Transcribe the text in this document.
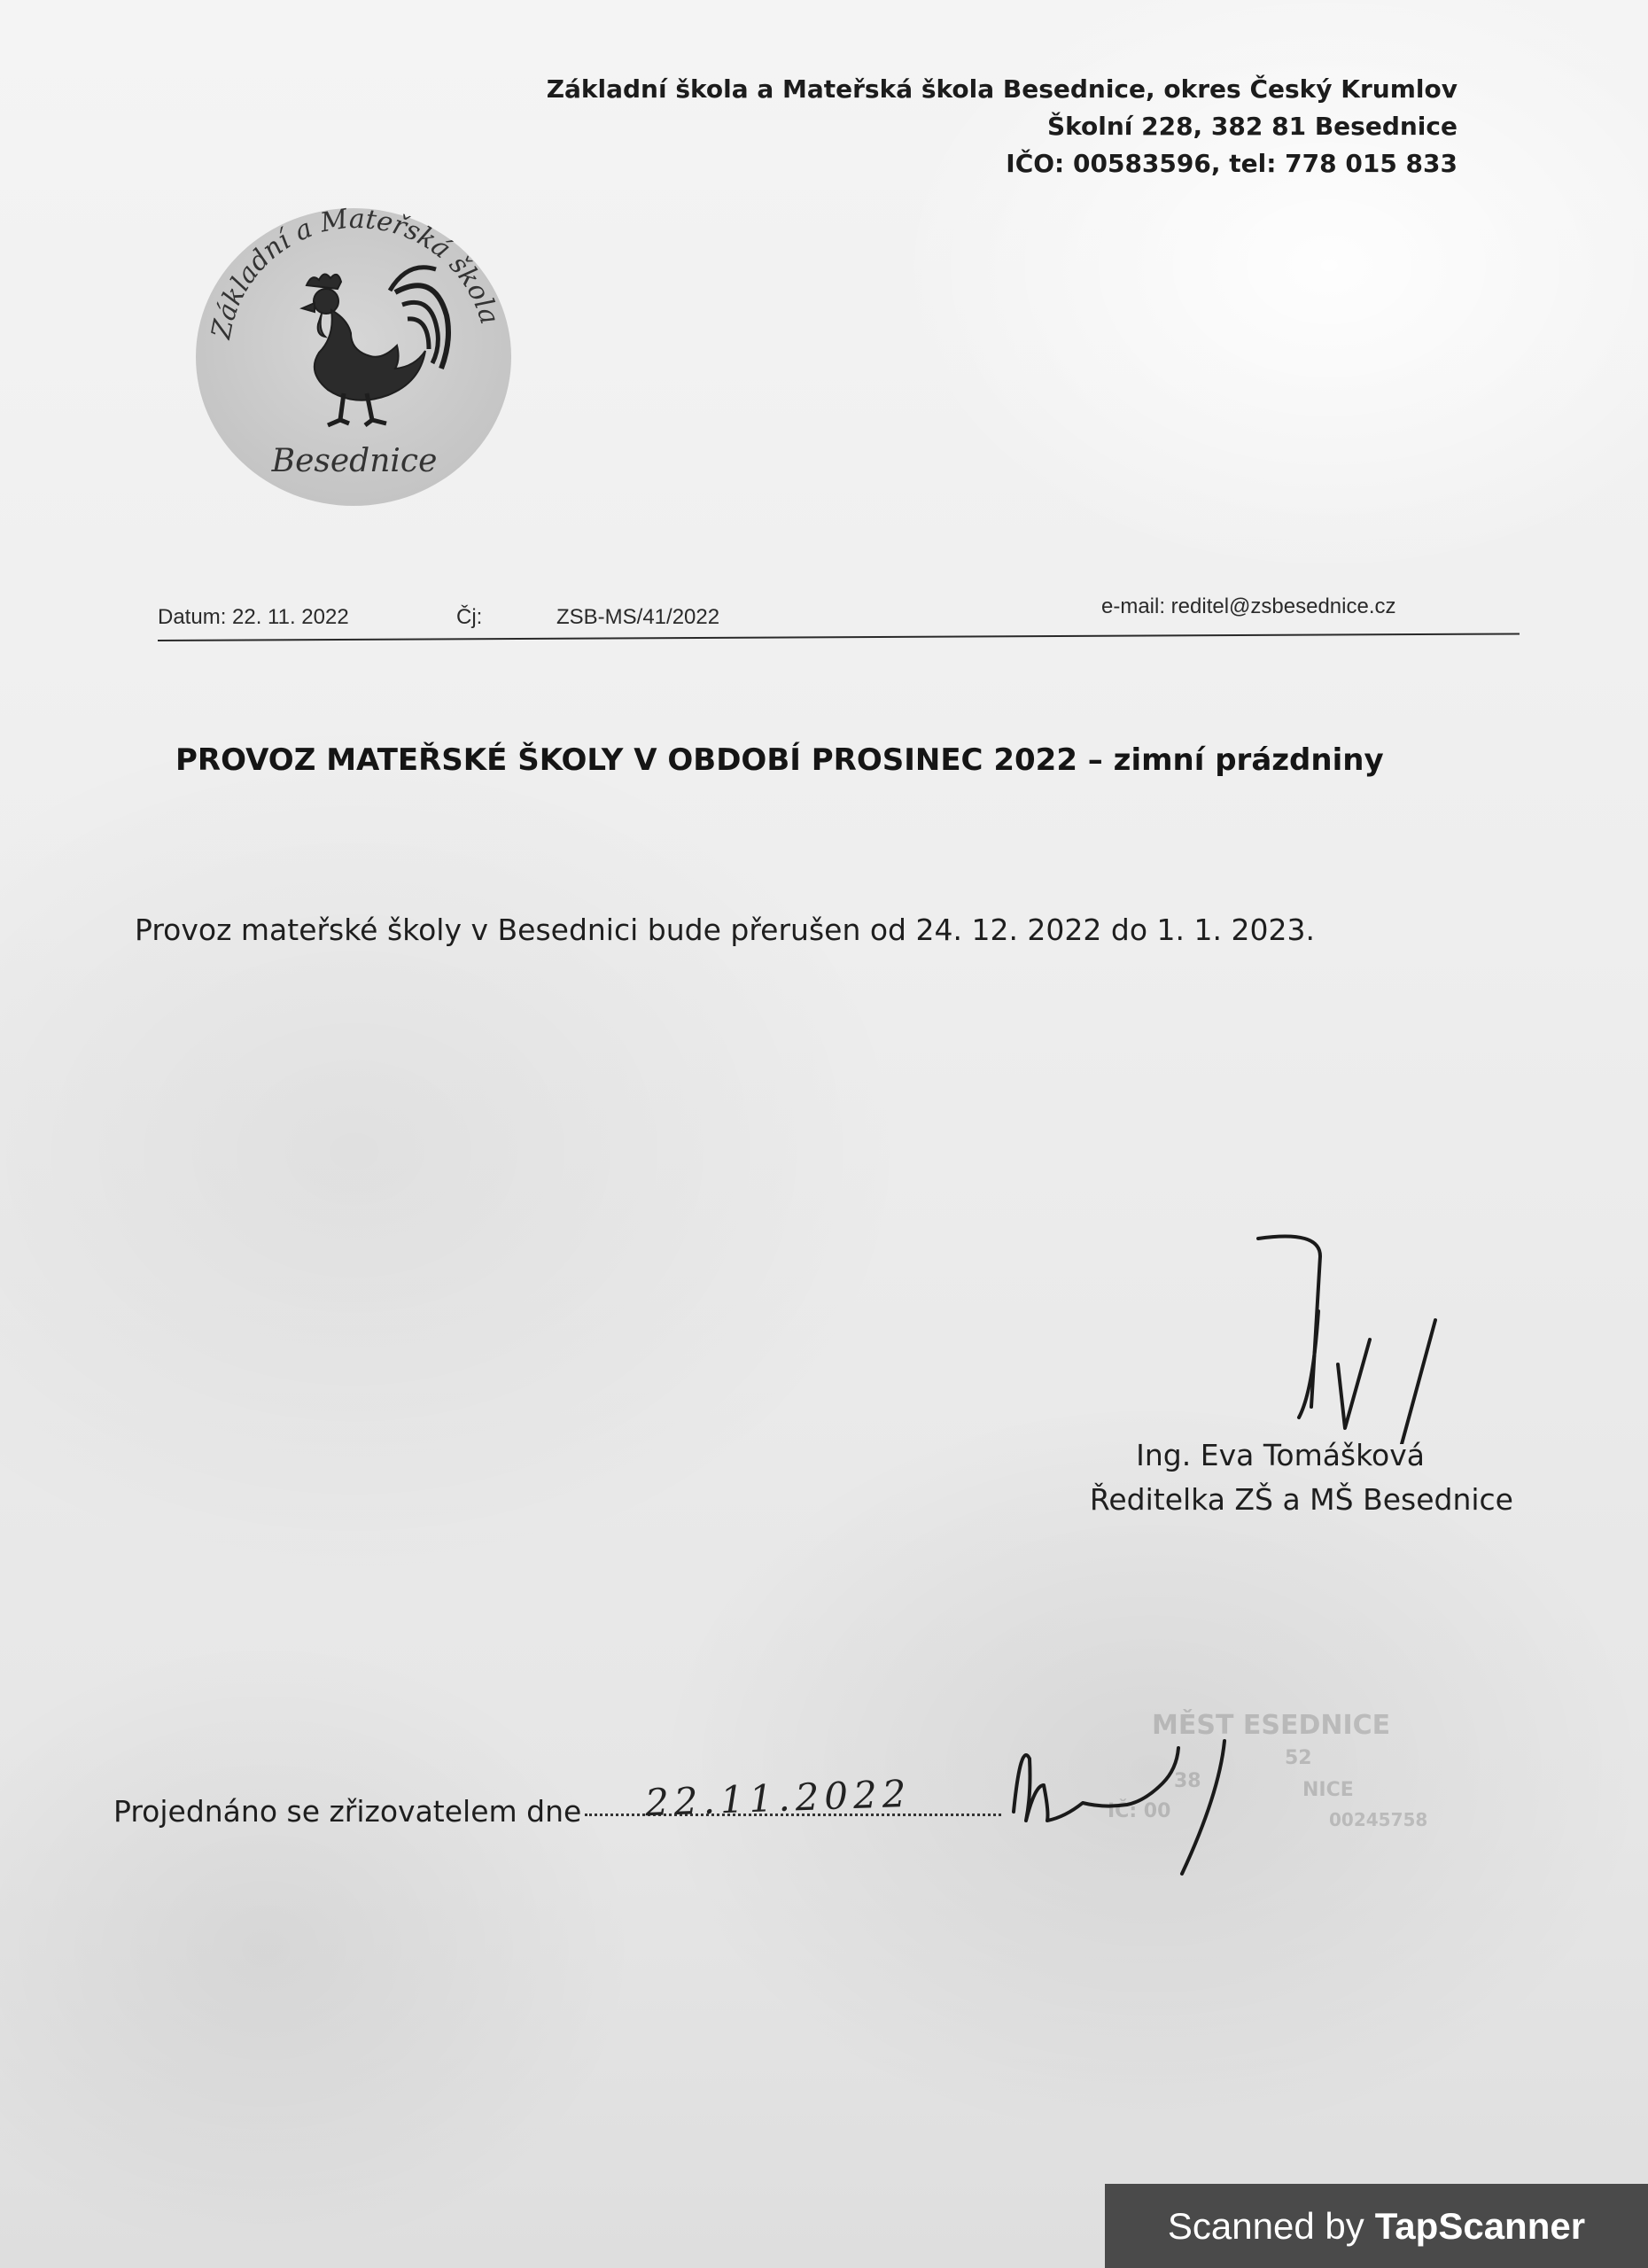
Základní škola a Mateřská škola Besednice, okres Český Krumlov
Školní 228, 382 81 Besednice
IČO: 00583596, tel: 778 015 833
Základní a Mateřská škola
Besednice
Datum: 22. 11. 2022	Čj:	ZSB-MS/41/2022	e-mail: reditel@zsbesednice.cz
PROVOZ MATEŘSKÉ ŠKOLY V OBDOBÍ PROSINEC 2022 – zimní prázdniny
Provoz mateřské školy v Besednici bude přerušen od 24. 12. 2022 do 1. 1. 2023.
Ing. Eva Tomášková
Ředitelka ZŠ a MŠ Besednice
MĚST ESEDNICE
52
38	NICE
IČ: 00	00245758
Projednáno se zřizovatelem dne	22.11.2022
Scanned by TapScanner
